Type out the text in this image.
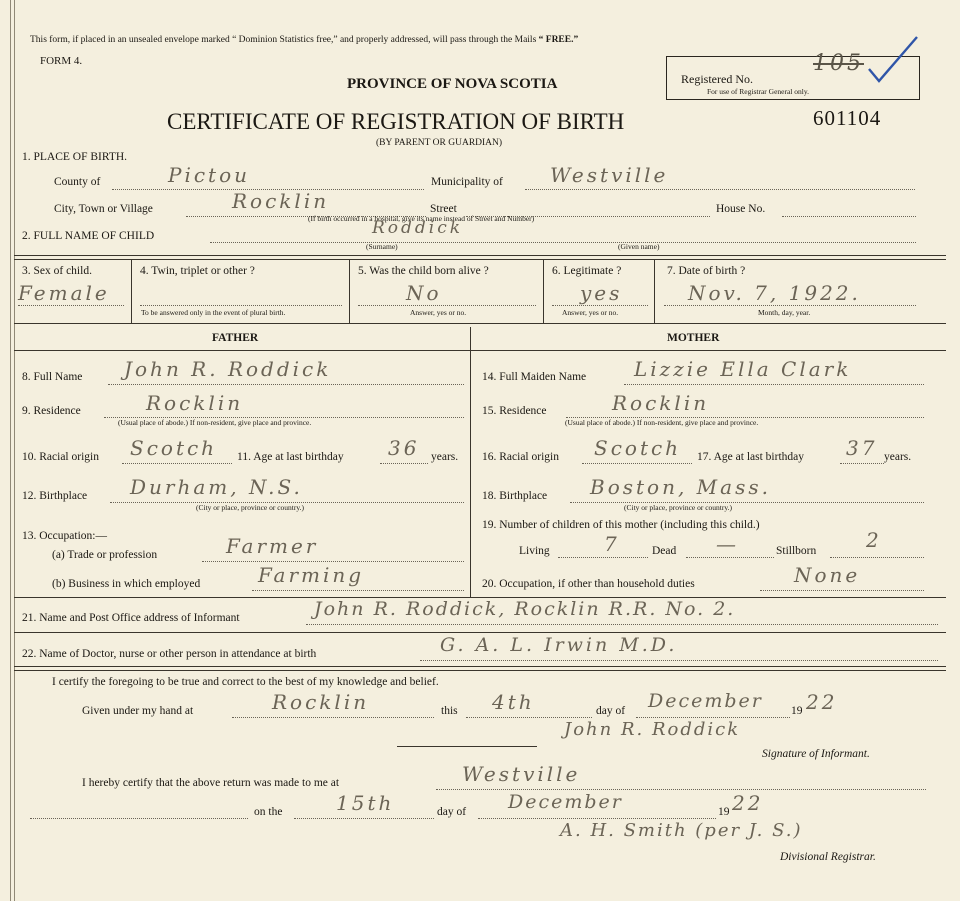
This form, if placed in an unsealed envelope marked “ Dominion Statistics free,” and properly addressed, will pass through the Mails “ FREE.”
FORM 4.
PROVINCE OF NOVA SCOTIA
CERTIFICATE OF REGISTRATION OF BIRTH
(BY PARENT OR GUARDIAN)
601104
Registered No.
105
For use of Registrar General only.
1. PLACE OF BIRTH.
County of	Pictou	Municipality of Westville
City, Town or Village	Rocklin	Street	House No.
(If birth occurred in a hospital, give its name instead of Street and Number)
2. FULL NAME OF CHILD	Roddick
(Surname)	(Given name)
3. Sex of child.
Female
4. Twin, triplet or other ?
To be answered only in the event of plural birth.
5. Was the child born alive ?
No
Answer, yes or no.
6. Legitimate ?
yes
Answer, yes or no.
7. Date of birth ?
Nov. 7, 1922.
Month, day, year.
FATHER	MOTHER
8. Full Name John R. Roddick
9. Residence	Rocklin
(Usual place of abode.) If non-resident, give place and province.
10. Racial origin Scotch 11. Age at last birthday 36 years.
12. Birthplace Durham, N.S.
(City or place, province or country.)
13. Occupation:—
(a) Trade or profession	Farmer
(b) Business in which employed	Farming
14. Full Maiden Name Lizzie Ella Clark
15. Residence	Rocklin
(Usual place of abode.) If non-resident, give place and province.
16. Racial origin Scotch 17. Age at last birthday 37 years.
18. Birthplace Boston, Mass.
(City or place, province or country.)
19. Number of children of this mother (including this child.)
Living	7	Dead —	Stillborn 2
20. Occupation, if other than household duties	None
21. Name and Post Office address of Informant	John R. Roddick, Rocklin R.R. No. 2.
22. Name of Doctor, nurse or other person in attendance at birth	G. A. L. Irwin M.D.
I certify the foregoing to be true and correct to the best of my knowledge and belief.
Given under my hand at	Rocklin	this 4th	day of December 19 22
John R. Roddick
Signature of Informant.
I hereby certify that the above return was made to me at	Westville
on the	15th	day of December	19 22
A. H. Smith (per J. S.)
Divisional Registrar.
